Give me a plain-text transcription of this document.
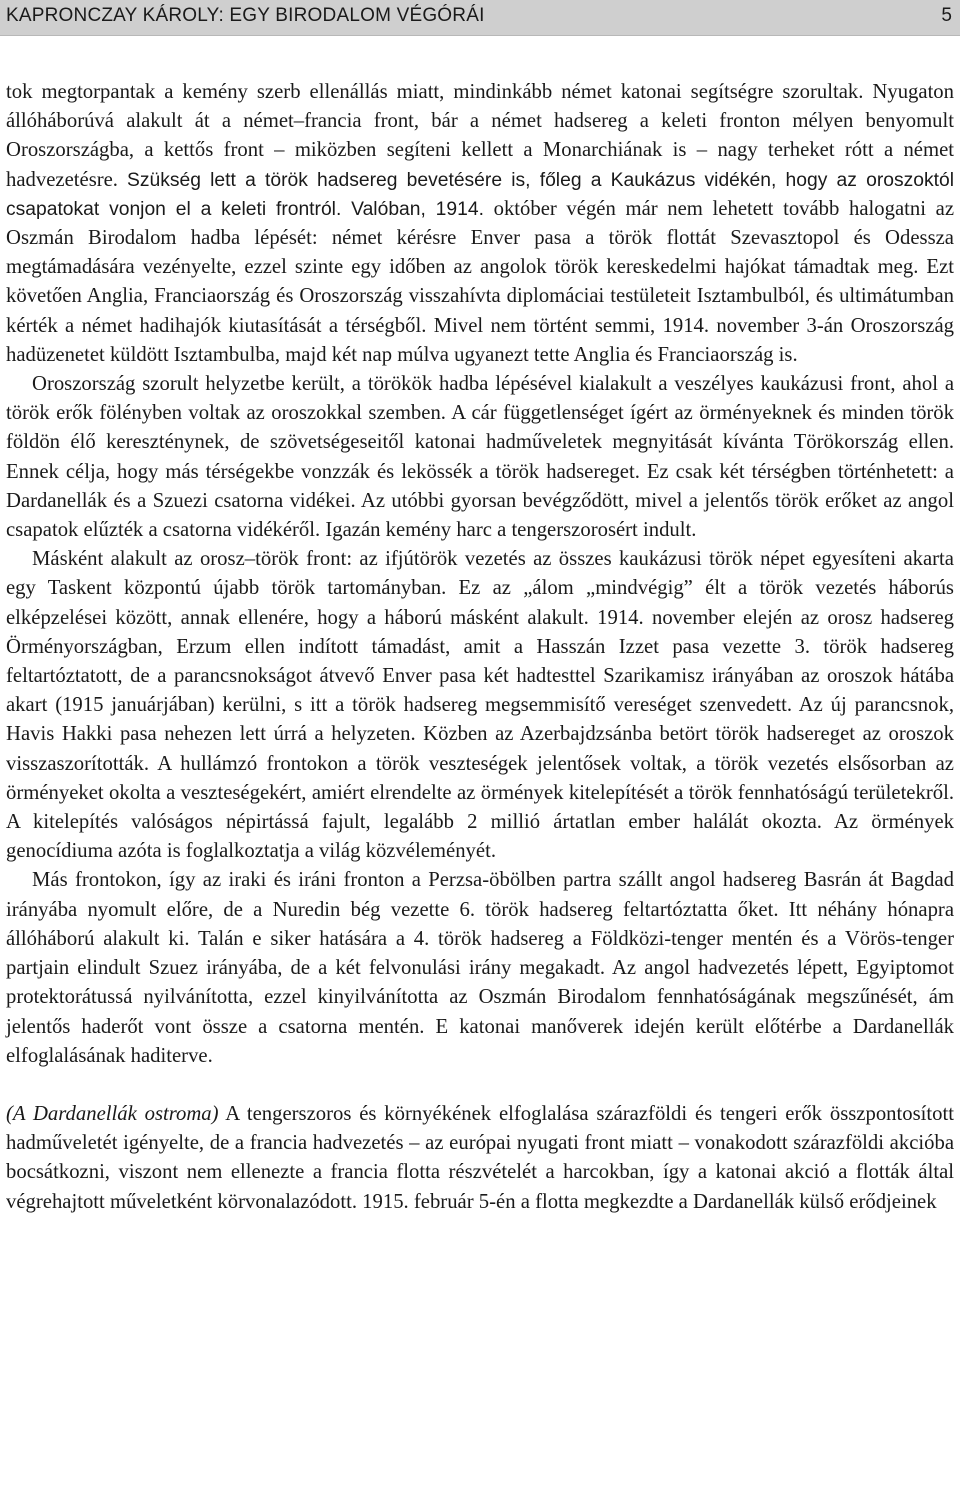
KAPRONCZAY KÁROLY: EGY BIRODALOM VÉGÓRÁI	5

tok megtorpantak a kemény szerb ellenállás miatt, mindinkább német katonai segítségre szorultak. Nyugaton állóháborúvá alakult át a német–francia front, bár a német hadsereg a keleti fronton mélyen benyomult Oroszországba, a kettős front – miközben segíteni kellett a Monarchiának is – nagy terheket rótt a német hadvezetésre. Szükség lett a török hadsereg bevetésére is, főleg a Kaukázus vidékén, hogy az oroszoktól csapatokat vonjon el a keleti frontról. Valóban, 1914. október végén már nem lehetett tovább halogatni az Oszmán Birodalom hadba lépését: német kérésre Enver pasa a török flottát Szevasztopol és Odessza megtámadására vezényelte, ezzel szinte egy időben az angolok török kereskedelmi hajókat támadtak meg. Ezt követően Anglia, Franciaország és Oroszország visszahívta diplomáciai testületeit Isztambulból, és ultimátumban kérték a német hadihajók kiutasítását a térségből. Mivel nem történt semmi, 1914. november 3-án Oroszország hadüzenetet küldött Isztambulba, majd két nap múlva ugyanezt tette Anglia és Franciaország is.

Oroszország szorult helyzetbe került, a törökök hadba lépésével kialakult a veszélyes kaukázusi front, ahol a török erők fölényben voltak az oroszokkal szemben. A cár függetlenséget ígért az örményeknek és minden török földön élő kereszténynek, de szövetségeseitől katonai hadműveletek megnyitását kívánta Törökország ellen. Ennek célja, hogy más térségekbe vonzzák és lekössék a török hadsereget. Ez csak két térségben történhetett: a Dardanellák és a Szuezi csatorna vidékei. Az utóbbi gyorsan bevégződött, mivel a jelentős török erőket az angol csapatok elűzték a csatorna vidékéről. Igazán kemény harc a tengerszorosért indult.

Másként alakult az orosz–török front: az ifjútörök vezetés az összes kaukázusi török népet egyesíteni akarta egy Taskent központú újabb török tartományban. Ez az „álom „mindvégig” élt a török vezetés háborús elképzelései között, annak ellenére, hogy a háború másként alakult. 1914. november elején az orosz hadsereg Örményországban, Erzum ellen indított támadást, amit a Hasszán Izzet pasa vezette 3. török hadsereg feltartóztatott, de a parancsnokságot átvevő Enver pasa két hadtesttel Szarikamisz irányában az oroszok hátába akart (1915 januárjában) kerülni, s itt a török hadsereg megsemmisítő vereséget szenvedett. Az új parancsnok, Havis Hakki pasa nehezen lett úrrá a helyzeten. Közben az Azerbajdzsánba betört török hadsereget az oroszok visszaszorították. A hullámzó frontokon a török veszteségek jelentősek voltak, a török vezetés elsősorban az örményeket okolta a veszteségekért, amiért elrendelte az örmények kitelepítését a török fennhatóságú területekről. A kitelepítés valóságos népirtássá fajult, legalább 2 millió ártatlan ember halálát okozta. Az örmények genocídiuma azóta is foglalkoztatja a világ közvéleményét.

Más frontokon, így az iraki és iráni fronton a Perzsa-öbölben partra szállt angol hadsereg Basrán át Bagdad irányába nyomult előre, de a Nuredin bég vezette 6. török hadsereg feltartóztatta őket. Itt néhány hónapra állóháború alakult ki. Talán e siker hatására a 4. török hadsereg a Földközi-tenger mentén és a Vörös-tenger partjain elindult Szuez irányába, de a két felvonulási irány megakadt. Az angol hadvezetés lépett, Egyiptomot protektorátussá nyilvánította, ezzel kinyilvánította az Oszmán Birodalom fennhatóságának megszűnését, ám jelentős haderőt vont össze a csatorna mentén. E katonai manőverek idején került előtérbe a Dardanellák elfoglalásának haditerve.

(A Dardanellák ostroma) A tengerszoros és környékének elfoglalása szárazföldi és tengeri erők összpontosított hadműveletét igényelte, de a francia hadvezetés – az európai nyugati front miatt – vonakodott szárazföldi akcióba bocsátkozni, viszont nem ellenezte a francia flotta részvételét a harcokban, így a katonai akció a flották által végrehajtott műveletként körvonalazódott. 1915. február 5-én a flotta megkezdte a Dardanellák külső erődjeinek
